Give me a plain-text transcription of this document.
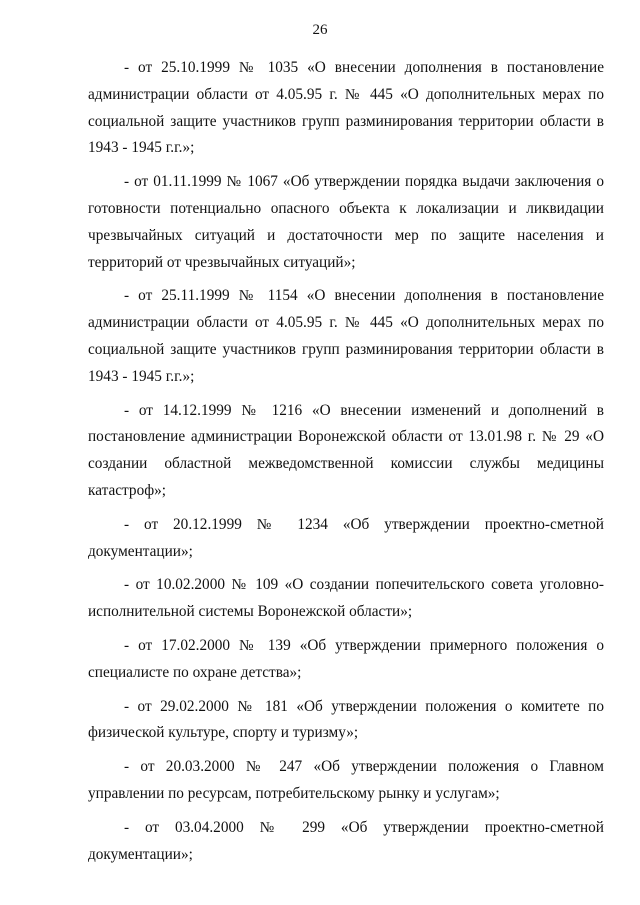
26

- от 25.10.1999 № 1035 «О внесении дополнения в постановление администрации области от 4.05.95 г. № 445 «О дополнительных мерах по социальной защите участников групп разминирования территории области в 1943 - 1945 г.г.»;

- от 01.11.1999 № 1067 «Об утверждении порядка выдачи заключения о готовности потенциально опасного объекта к локализации и ликвидации чрезвычайных ситуаций и достаточности мер по защите населения и территорий от чрезвычайных ситуаций»;

- от 25.11.1999 № 1154 «О внесении дополнения в постановление администрации области от 4.05.95 г. № 445 «О дополнительных мерах по социальной защите участников групп разминирования территории области в 1943 - 1945 г.г.»;

- от 14.12.1999 № 1216 «О внесении изменений и дополнений в постановление администрации Воронежской области от 13.01.98 г. № 29 «О создании областной межведомственной комиссии службы медицины катастроф»;

- от 20.12.1999 № 1234 «Об утверждении проектно-сметной документации»;

- от 10.02.2000 № 109 «О создании попечительского совета уголовно-исполнительной системы Воронежской области»;

- от 17.02.2000 № 139 «Об утверждении примерного положения о специалисте по охране детства»;

- от 29.02.2000 № 181 «Об утверждении положения о комитете по физической культуре, спорту и туризму»;

- от 20.03.2000 № 247 «Об утверждении положения о Главном управлении по ресурсам, потребительскому рынку и услугам»;

- от 03.04.2000 № 299 «Об утверждении проектно-сметной документации»;
